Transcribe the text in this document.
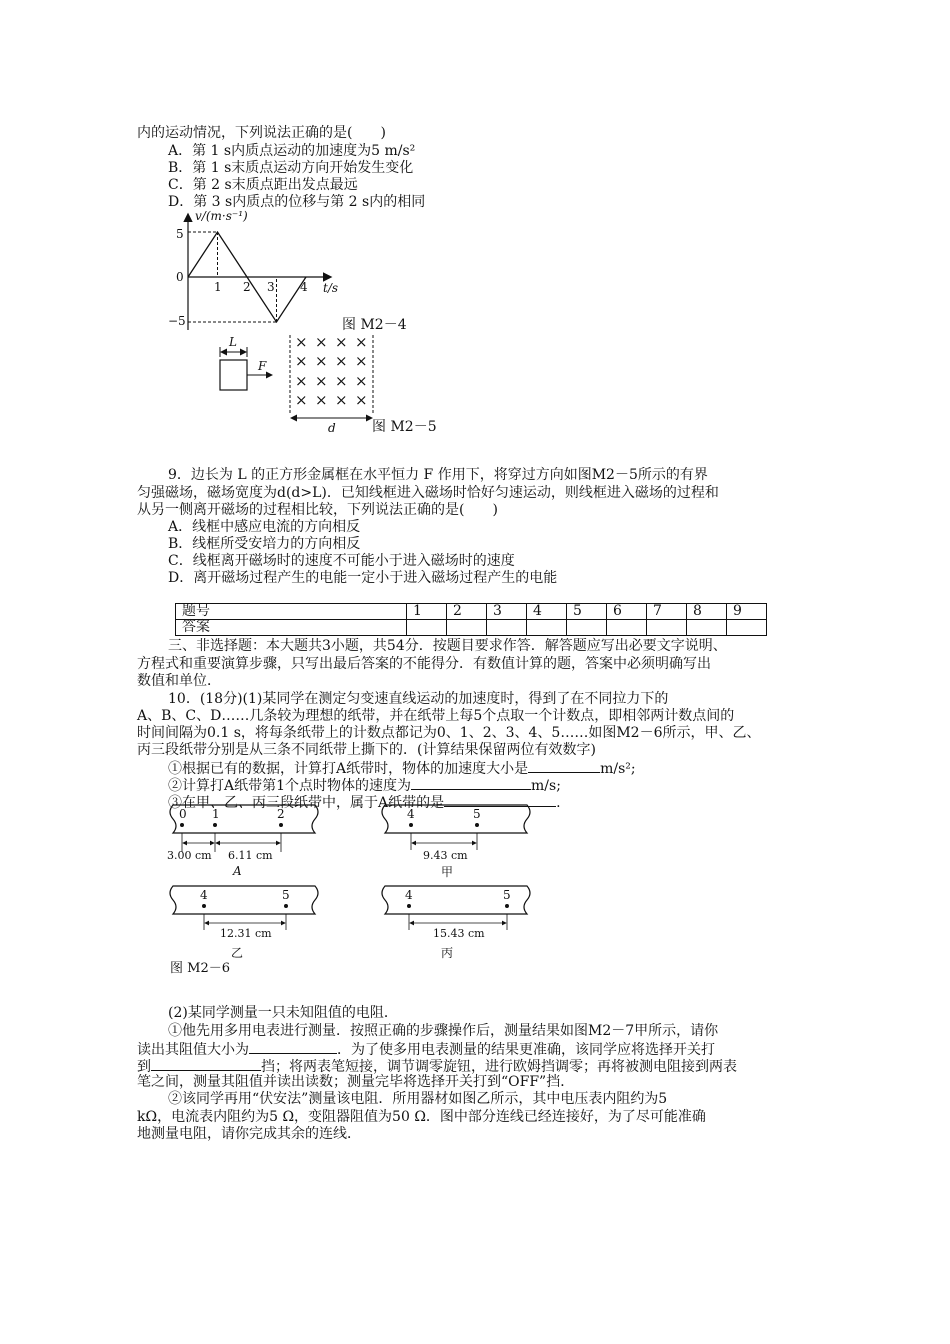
内的运动情况，下列说法正确的是(　　)
A．第 1 s内质点运动的加速度为5 m/s²
B．第 1 s末质点运动方向开始发生变化
C．第 2 s末质点距出发点最远
D．第 3 s内质点的位移与第 2 s内的相同
v/(m·s⁻¹)
t/s
5
0
−5
1 2 3 4
图 M2－4
L
F
× × × ×
× × × ×
× × × ×
× × × ×
d	图 M2－5
9．边长为 L 的正方形金属框在水平恒力 F 作用下，将穿过方向如图M2－5所示的有界
匀强磁场，磁场宽度为d(d>L)．已知线框进入磁场时恰好匀速运动，则线框进入磁场的过程和
从另一侧离开磁场的过程相比较，下列说法正确的是(　　)
A．线框中感应电流的方向相反
B．线框所受安培力的方向相反
C．线框离开磁场时的速度不可能小于进入磁场时的速度
D．离开磁场过程产生的电能一定小于进入磁场过程产生的电能
题号	1	2	3	4	5	6	7	8	9
答案									
三、非选择题：本大题共3小题，共54分．按题目要求作答．解答题应写出必要文字说明、
方程式和重要演算步骤，只写出最后答案的不能得分．有数值计算的题，答案中必须明确写出
数值和单位．
10．(18分)(1)某同学在测定匀变速直线运动的加速度时，得到了在不同拉力下的
A、B、C、D……几条较为理想的纸带，并在纸带上每5个点取一个计数点，即相邻两计数点间的
时间间隔为0.1 s，将每条纸带上的计数点都记为0、1、2、3、4、5……如图M2－6所示，甲、乙、
丙三段纸带分别是从三条不同纸带上撕下的．(计算结果保留两位有效数字)
①根据已有的数据，计算打A纸带时，物体的加速度大小是	m/s²;
②计算打A纸带第1个点时物体的速度为	m/s;
③在甲、乙、丙三段纸带中，属于A纸带的是	.
0 1	2
3.00 cm 6.11 cm
A
4	5
9.43 cm
甲
4	5
12.31 cm
乙
4	5
15.43 cm
丙
图 M2－6
(2)某同学测量一只未知阻值的电阻．
①他先用多用电表进行测量．按照正确的步骤操作后，测量结果如图M2－7甲所示，请你
读出其阻值大小为	．为了使多用电表测量的结果更准确，该同学应将选择开关打
到	挡；将两表笔短接，调节调零旋钮，进行欧姆挡调零；再将被测电阻接到两表
笔之间，测量其阻值并读出读数；测量完毕将选择开关打到“OFF”挡．
②该同学再用“伏安法”测量该电阻．所用器材如图乙所示，其中电压表内阻约为5
kΩ，电流表内阻约为5 Ω，变阻器阻值为50 Ω．图中部分连线已经连接好，为了尽可能准确
地测量电阻，请你完成其余的连线．
